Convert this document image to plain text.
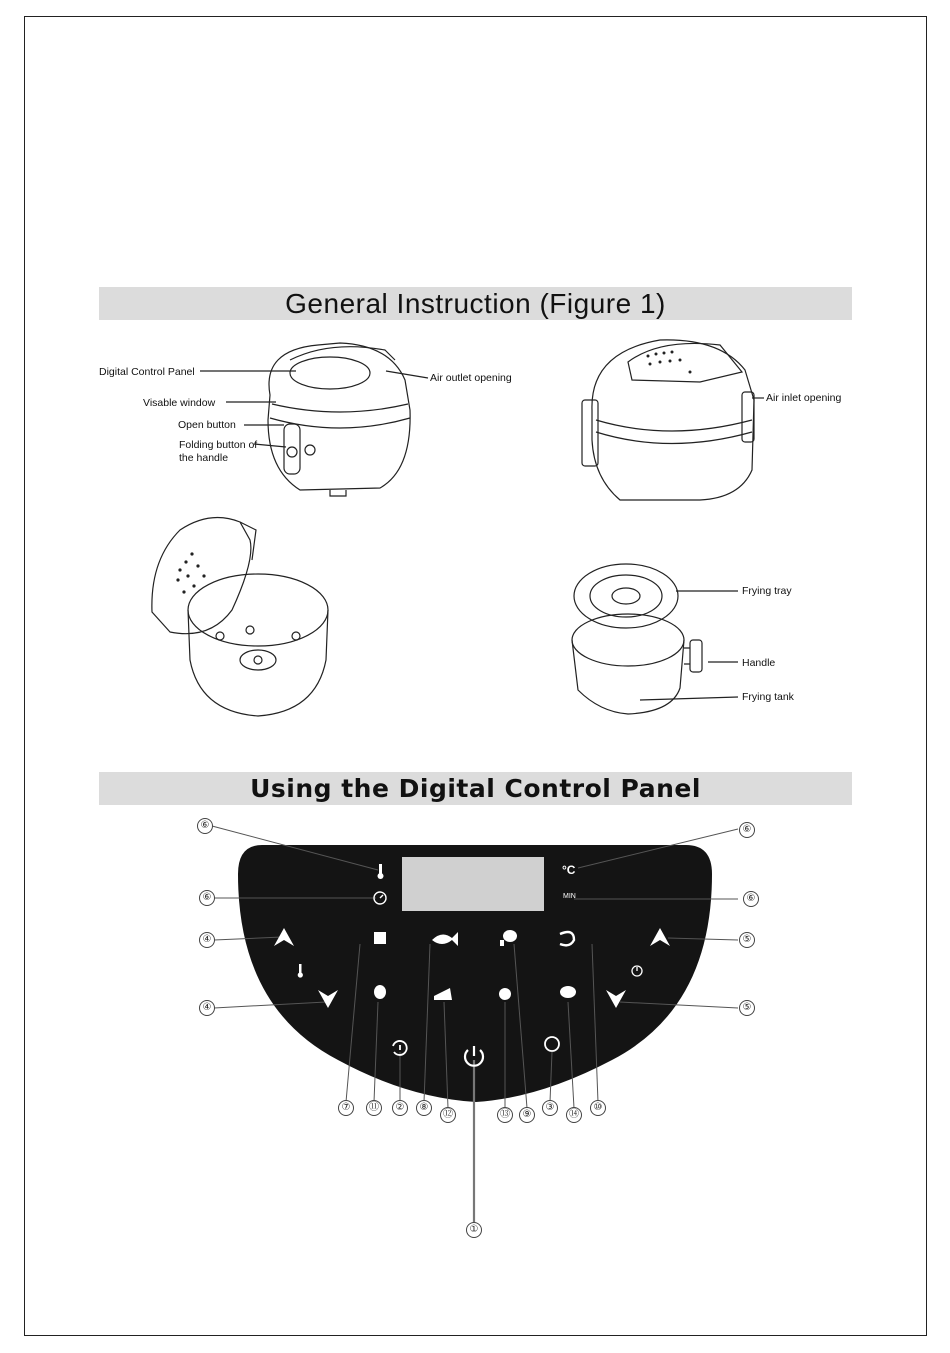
General Instruction (Figure 1)
Digital Control Panel
Visable window
Open button
Folding button of the handle
Air outlet opening
Air inlet opening
Frying tray
Handle
Frying tank
Using the Digital Control Panel
°C
MIN
⑥
⑥
⑥
⑥
④
④
⑤
⑤
⑦	⑪	②	⑧
⑫	⑬	⑨
③
⑭
⑩
①
